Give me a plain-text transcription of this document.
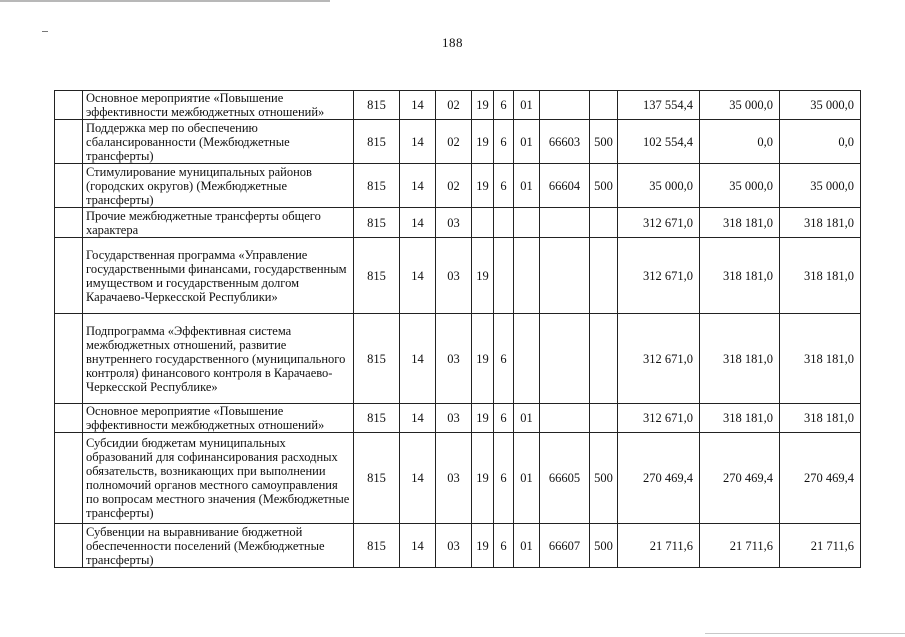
188
	Основное мероприятие «Повышение эффективности межбюджетных отношений»	815	14	02	19	6	01			137 554,4	35 000,0	35 000,0
	Поддержка мер по обеспечению сбалансированности (Межбюджетные трансферты)	815	14	02	19	6	01	66603	500	102 554,4	0,0	0,0
	Стимулирование муниципальных районов (городских округов) (Межбюджетные трансферты)	815	14	02	19	6	01	66604	500	35 000,0	35 000,0	35 000,0
	Прочие межбюджетные трансферты общего характера	815	14	03						312 671,0	318 181,0	318 181,0
	Государственная программа «Управление государственными финансами, государственным имуществом и государственным долгом Карачаево-Черкесской Республики»	815	14	03	19					312 671,0	318 181,0	318 181,0
	Подпрограмма «Эффективная система межбюджетных отношений, развитие внутреннего государственного (муниципального контроля) финансового контроля в Карачаево-Черкесской Республике»	815	14	03	19	6				312 671,0	318 181,0	318 181,0
	Основное мероприятие «Повышение эффективности межбюджетных отношений»	815	14	03	19	6	01			312 671,0	318 181,0	318 181,0
	Субсидии бюджетам муниципальных образований для софинансирования расходных обязательств, возникающих при выполнении полномочий органов местного самоуправления по вопросам местного значения (Межбюджетные трансферты)	815	14	03	19	6	01	66605	500	270 469,4	270 469,4	270 469,4
	Субвенции на выравнивание бюджетной обеспеченности поселений (Межбюджетные трансферты)	815	14	03	19	6	01	66607	500	21 711,6	21 711,6	21 711,6
